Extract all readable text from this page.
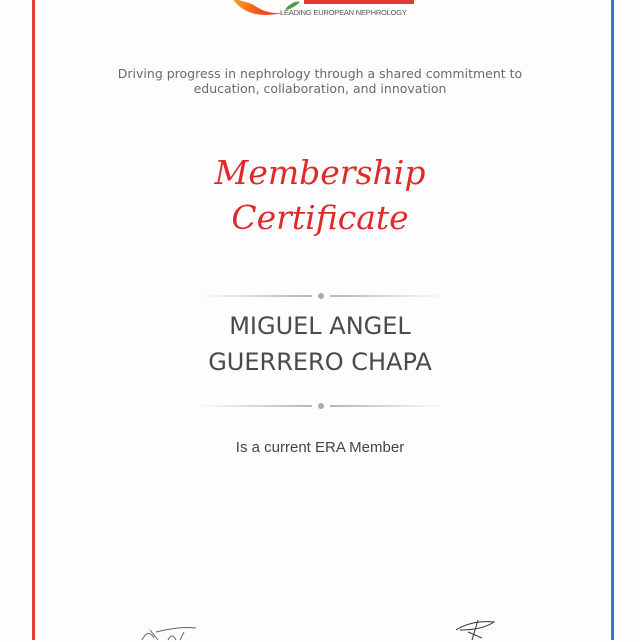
LEADING EUROPEAN NEPHROLOGY
Driving progress in nephrology through a shared commitment to
education, collaboration, and innovation
Membership
Certificate
MIGUEL ANGEL
GUERRERO CHAPA
Is a current ERA Member
